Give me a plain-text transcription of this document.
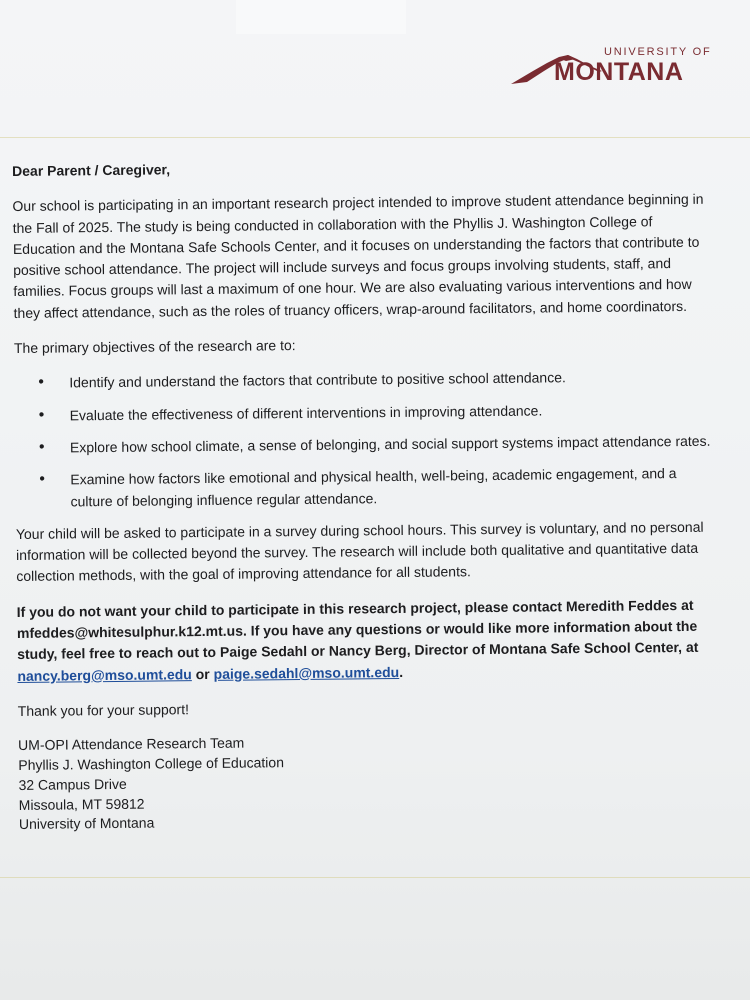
UNIVERSITY OF
MONTANA
Dear Parent / Caregiver,

Our school is participating in an important research project intended to improve student attendance beginning in the Fall of 2025. The study is being conducted in collaboration with the Phyllis J. Washington College of Education and the Montana Safe Schools Center, and it focuses on understanding the factors that contribute to positive school attendance. The project will include surveys and focus groups involving students, staff, and families. Focus groups will last a maximum of one hour. We are also evaluating various interventions and how they affect attendance, such as the roles of truancy officers, wrap-around facilitators, and home coordinators.

The primary objectives of the research are to:

• Identify and understand the factors that contribute to positive school attendance.
• Evaluate the effectiveness of different interventions in improving attendance.
• Explore how school climate, a sense of belonging, and social support systems impact attendance rates.
• Examine how factors like emotional and physical health, well-being, academic engagement, and a culture of belonging influence regular attendance.

Your child will be asked to participate in a survey during school hours. This survey is voluntary, and no personal information will be collected beyond the survey. The research will include both qualitative and quantitative data collection methods, with the goal of improving attendance for all students.

If you do not want your child to participate in this research project, please contact Meredith Feddes at mfeddes@whitesulphur.k12.mt.us. If you have any questions or would like more information about the study, feel free to reach out to Paige Sedahl or Nancy Berg, Director of Montana Safe School Center, at nancy.berg@mso.umt.edu or paige.sedahl@mso.umt.edu.

Thank you for your support!
UM-OPI Attendance Research Team
Phyllis J. Washington College of Education
32 Campus Drive
Missoula, MT 59812
University of Montana
